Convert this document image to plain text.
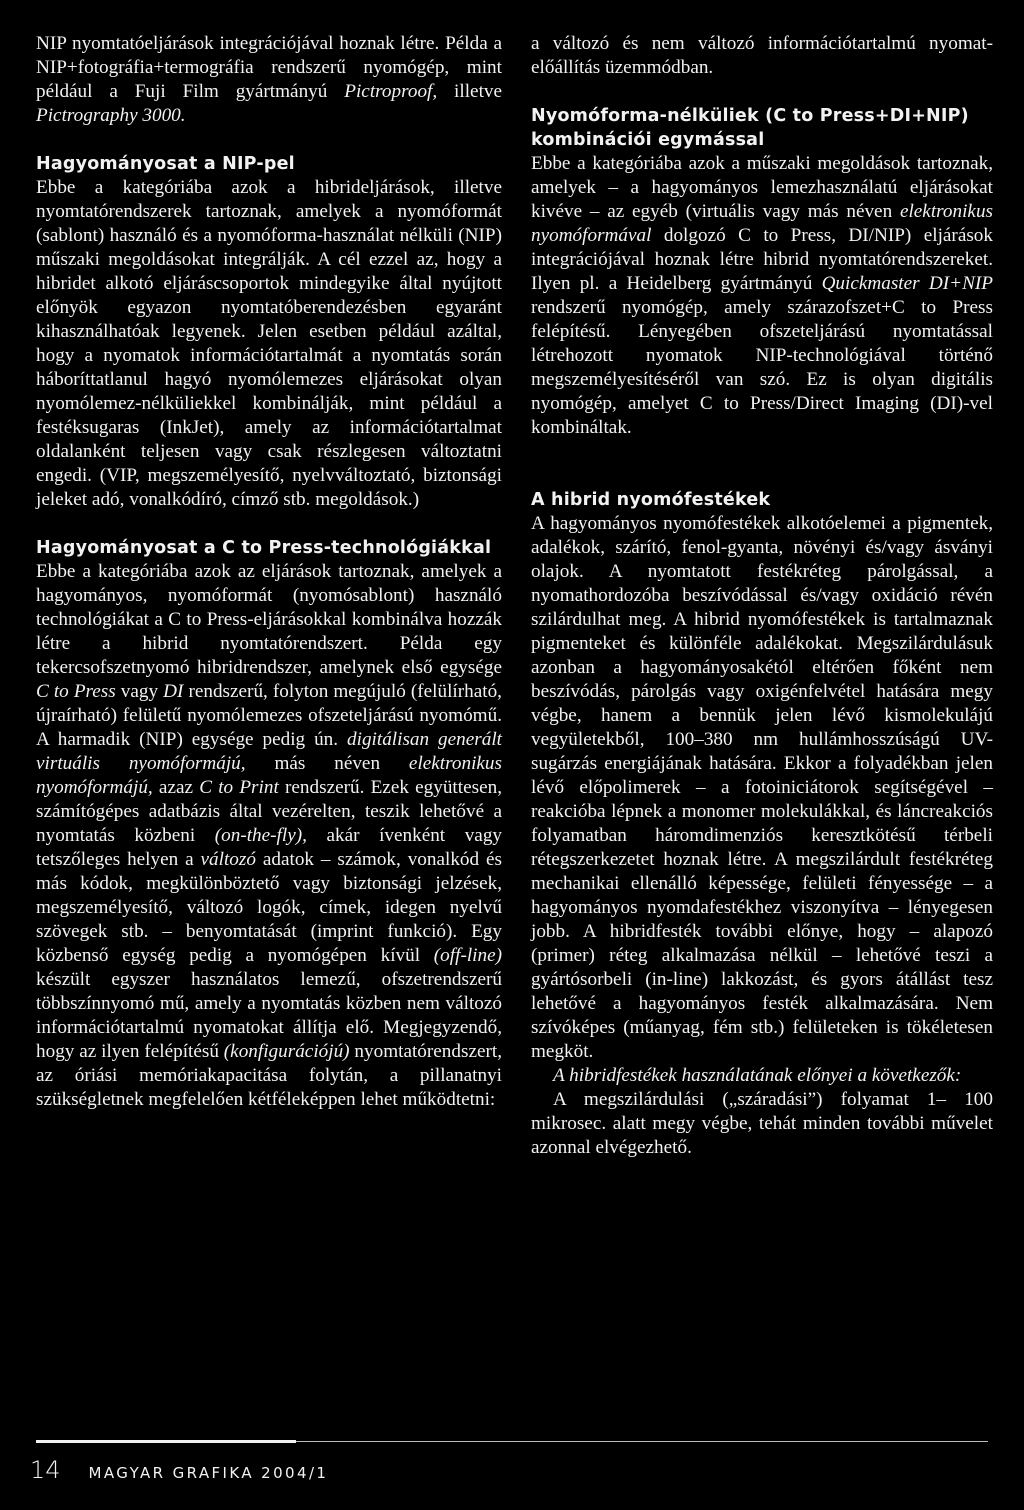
NIP nyomtatóeljárások integrációjával hoznak létre. Példa a NIP+fotográfia+termográfia rendszerű nyomógép, mint például a Fuji Film gyártmányú Pictroproof, illetve Pictrography 3000.

Hagyományosat a NIP-pel

Ebbe a kategóriába azok a hibrideljárások, illetve nyomtatórendszerek tartoznak, amelyek a nyomóformát (sablont) használó és a nyomóforma-használat nélküli (NIP) műszaki megoldásokat integrálják. A cél ezzel az, hogy a hibridet alkotó eljáráscsoportok mindegyike által nyújtott előnyök egyazon nyomtatóberendezésben egyaránt kihasználhatóak legyenek. Jelen esetben például azáltal, hogy a nyomatok információtartalmát a nyomtatás során háboríttatlanul hagyó nyomólemezes eljárásokat olyan nyomólemez-nélküliekkel kombinálják, mint például a festéksugaras (InkJet), amely az információtartalmat oldalanként teljesen vagy csak részlegesen változtatni engedi. (VIP, megszemélyesítő, nyelvváltoztató, biztonsági jeleket adó, vonalkódíró, címző stb. megoldások.)

Hagyományosat a C to Press-technológiákkal

Ebbe a kategóriába azok az eljárások tartoznak, amelyek a hagyományos, nyomóformát (nyomósablont) használó technológiákat a C to Press-eljárásokkal kombinálva hozzák létre a hibrid nyomtatórendszert. Példa egy tekercsofszetnyomó hibridrendszer, amelynek első egysége C to Press vagy DI rendszerű, folyton megújuló (felülírható, újraírható) felületű nyomólemezes ofszeteljárású nyomómű. A harmadik (NIP) egysége pedig ún. digitálisan generált virtuális nyomóformájú, más néven elektronikus nyomóformájú, azaz C to Print rendszerű. Ezek együttesen, számítógépes adatbázis által vezérelten, teszik lehetővé a nyomtatás közbeni (on-the-fly), akár ívenként vagy tetszőleges helyen a változó adatok – számok, vonalkód és más kódok, megkülönböztető vagy biztonsági jelzések, megszemélyesítő, változó logók, címek, idegen nyelvű szövegek stb. – benyomtatását (imprint funkció). Egy közbenső egység pedig a nyomógépen kívül (off-line) készült egyszer használatos lemezű, ofszetrendszerű többszínnyomó mű, amely a nyomtatás közben nem változó információtartalmú nyomatokat állítja elő. Megjegyzendő, hogy az ilyen felépítésű (konfigurációjú) nyomtatórendszert, az óriási memóriakapacitása folytán, a pillanatnyi szükségletnek megfelelően kétféleképpen lehet működtetni:

a változó és nem változó információtartalmú nyomat-előállítás üzemmódban.

Nyomóforma-nélküliek (C to Press+DI+NIP) kombinációi egymással

Ebbe a kategóriába azok a műszaki megoldások tartoznak, amelyek – a hagyományos lemezhasználatú eljárásokat kivéve – az egyéb (virtuális vagy más néven elektronikus nyomóformával dolgozó C to Press, DI/NIP) eljárások integrációjával hoznak létre hibrid nyomtatórendszereket. Ilyen pl. a Heidelberg gyártmányú Quickmaster DI+NIP rendszerű nyomógép, amely szárazofszet+C to Press felépítésű. Lényegében ofszeteljárású nyomtatással létrehozott nyomatok NIP-technológiával történő megszemélyesítéséről van szó. Ez is olyan digitális nyomógép, amelyet C to Press/Direct Imaging (DI)-vel kombináltak.

A hibrid nyomófestékek

A hagyományos nyomófestékek alkotóelemei a pigmentek, adalékok, szárító, fenol-gyanta, növényi és/vagy ásványi olajok. A nyomtatott festékréteg párolgással, a nyomathordozóba beszívódással és/vagy oxidáció révén szilárdulhat meg. A hibrid nyomófestékek is tartalmaznak pigmenteket és különféle adalékokat. Megszilárdulásuk azonban a hagyományosakétól eltérően főként nem beszívódás, párolgás vagy oxigénfelvétel hatására megy végbe, hanem a bennük jelen lévő kismolekulájú vegyületekből, 100–380 nm hullámhosszúságú UV-sugárzás energiájának hatására. Ekkor a folyadékban jelen lévő előpolimerek – a fotoiniciátorok segítségével – reakcióba lépnek a monomer molekulákkal, és láncreakciós folyamatban háromdimenziós keresztkötésű térbeli rétegszerkezetet hoznak létre. A megszilárdult festékréteg mechanikai ellenálló képessége, felületi fényessége – a hagyományos nyomdafestékhez viszonyítva – lényegesen jobb. A hibridfesték további előnye, hogy – alapozó (primer) réteg alkalmazása nélkül – lehetővé teszi a gyártósorbeli (in-line) lakkozást, és gyors átállást tesz lehetővé a hagyományos festék alkalmazására. Nem szívóképes (műanyag, fém stb.) felületeken is tökéletesen megköt.

A hibridfestékek használatának előnyei a következők:

A megszilárdulási („száradási”) folyamat 1– 100 mikrosec. alatt megy végbe, tehát minden további művelet azonnal elvégezhető.

14 MAGYAR GRAFIKA 2004/1
